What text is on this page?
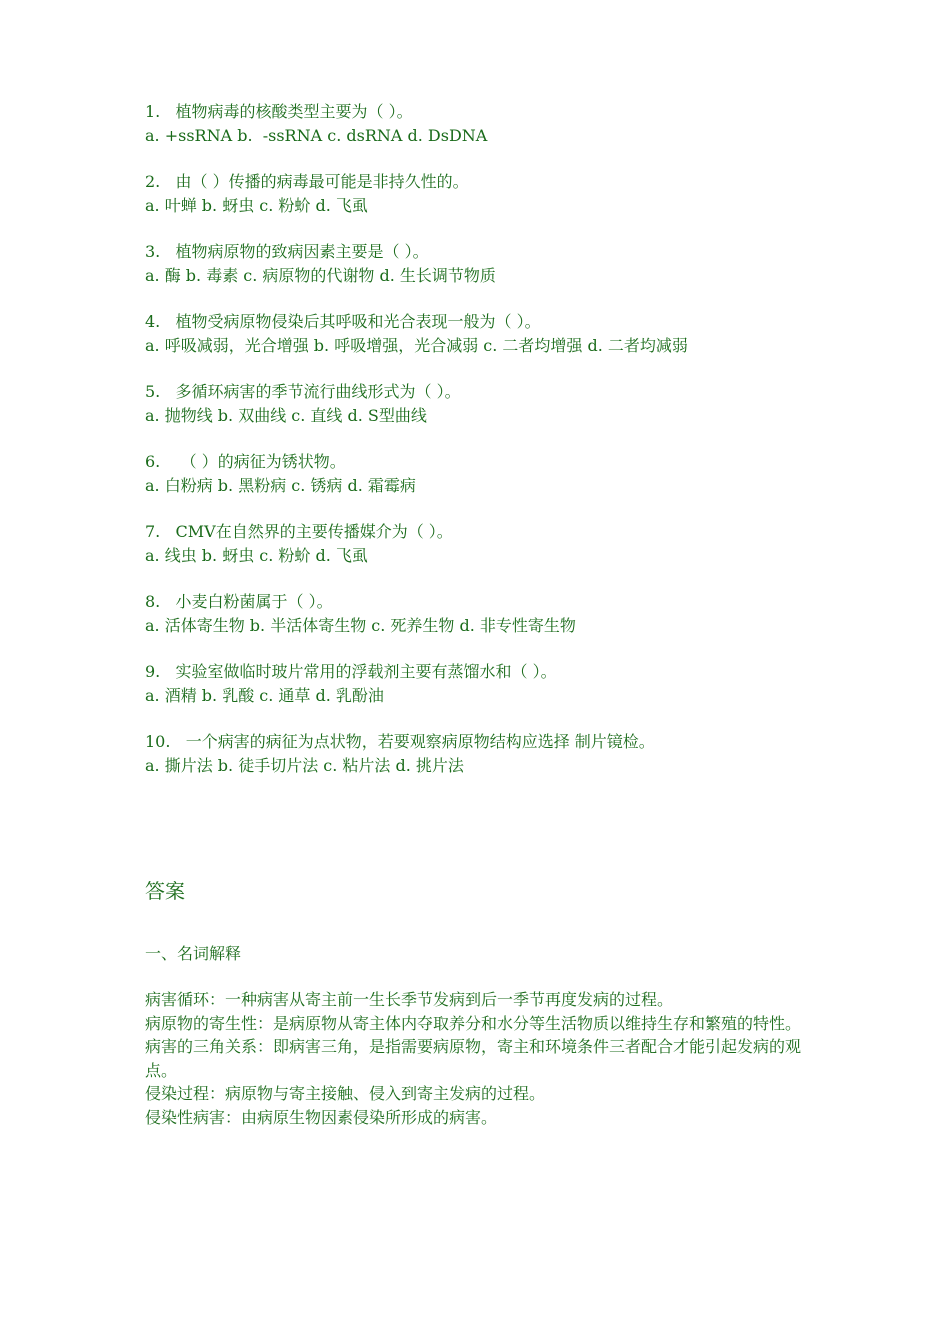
1.   植物病毒的核酸类型主要为（ ）。
a. +ssRNA b.  -ssRNA c. dsRNA d. DsDNA
2.   由（ ）传播的病毒最可能是非持久性的。
a. 叶蝉 b. 蚜虫 c. 粉蚧 d. 飞虱
3.   植物病原物的致病因素主要是（ ）。
a. 酶 b. 毒素 c. 病原物的代谢物 d. 生长调节物质
4.   植物受病原物侵染后其呼吸和光合表现一般为（ ）。
a. 呼吸减弱，光合增强 b. 呼吸增强，光合减弱 c. 二者均增强 d. 二者均减弱
5.   多循环病害的季节流行曲线形式为（ ）。
a. 抛物线 b. 双曲线 c. 直线 d. S型曲线
6.    （ ）的病征为锈状物。
a. 白粉病 b. 黑粉病 c. 锈病 d. 霜霉病
7.   CMV在自然界的主要传播媒介为（ ）。
a. 线虫 b. 蚜虫 c. 粉蚧 d. 飞虱
8.   小麦白粉菌属于（ ）。
a. 活体寄生物 b. 半活体寄生物 c. 死养生物 d. 非专性寄生物
9.   实验室做临时玻片常用的浮载剂主要有蒸馏水和（ ）。
a. 酒精 b. 乳酸 c. 通草 d. 乳酚油
10.   一个病害的病征为点状物，若要观察病原物结构应选择 制片镜检。
a. 撕片法 b. 徒手切片法 c. 粘片法 d. 挑片法
答案
一、名词解释

病害循环：一种病害从寄主前一生长季节发病到后一季节再度发病的过程。

病原物的寄生性：是病原物从寄主体内夺取养分和水分等生活物质以维持生存和繁殖的特性。

病害的三角关系：即病害三角，是指需要病原物，寄主和环境条件三者配合才能引起发病的观点。

侵染过程：病原物与寄主接触、侵入到寄主发病的过程。

侵染性病害：由病原生物因素侵染所形成的病害。
